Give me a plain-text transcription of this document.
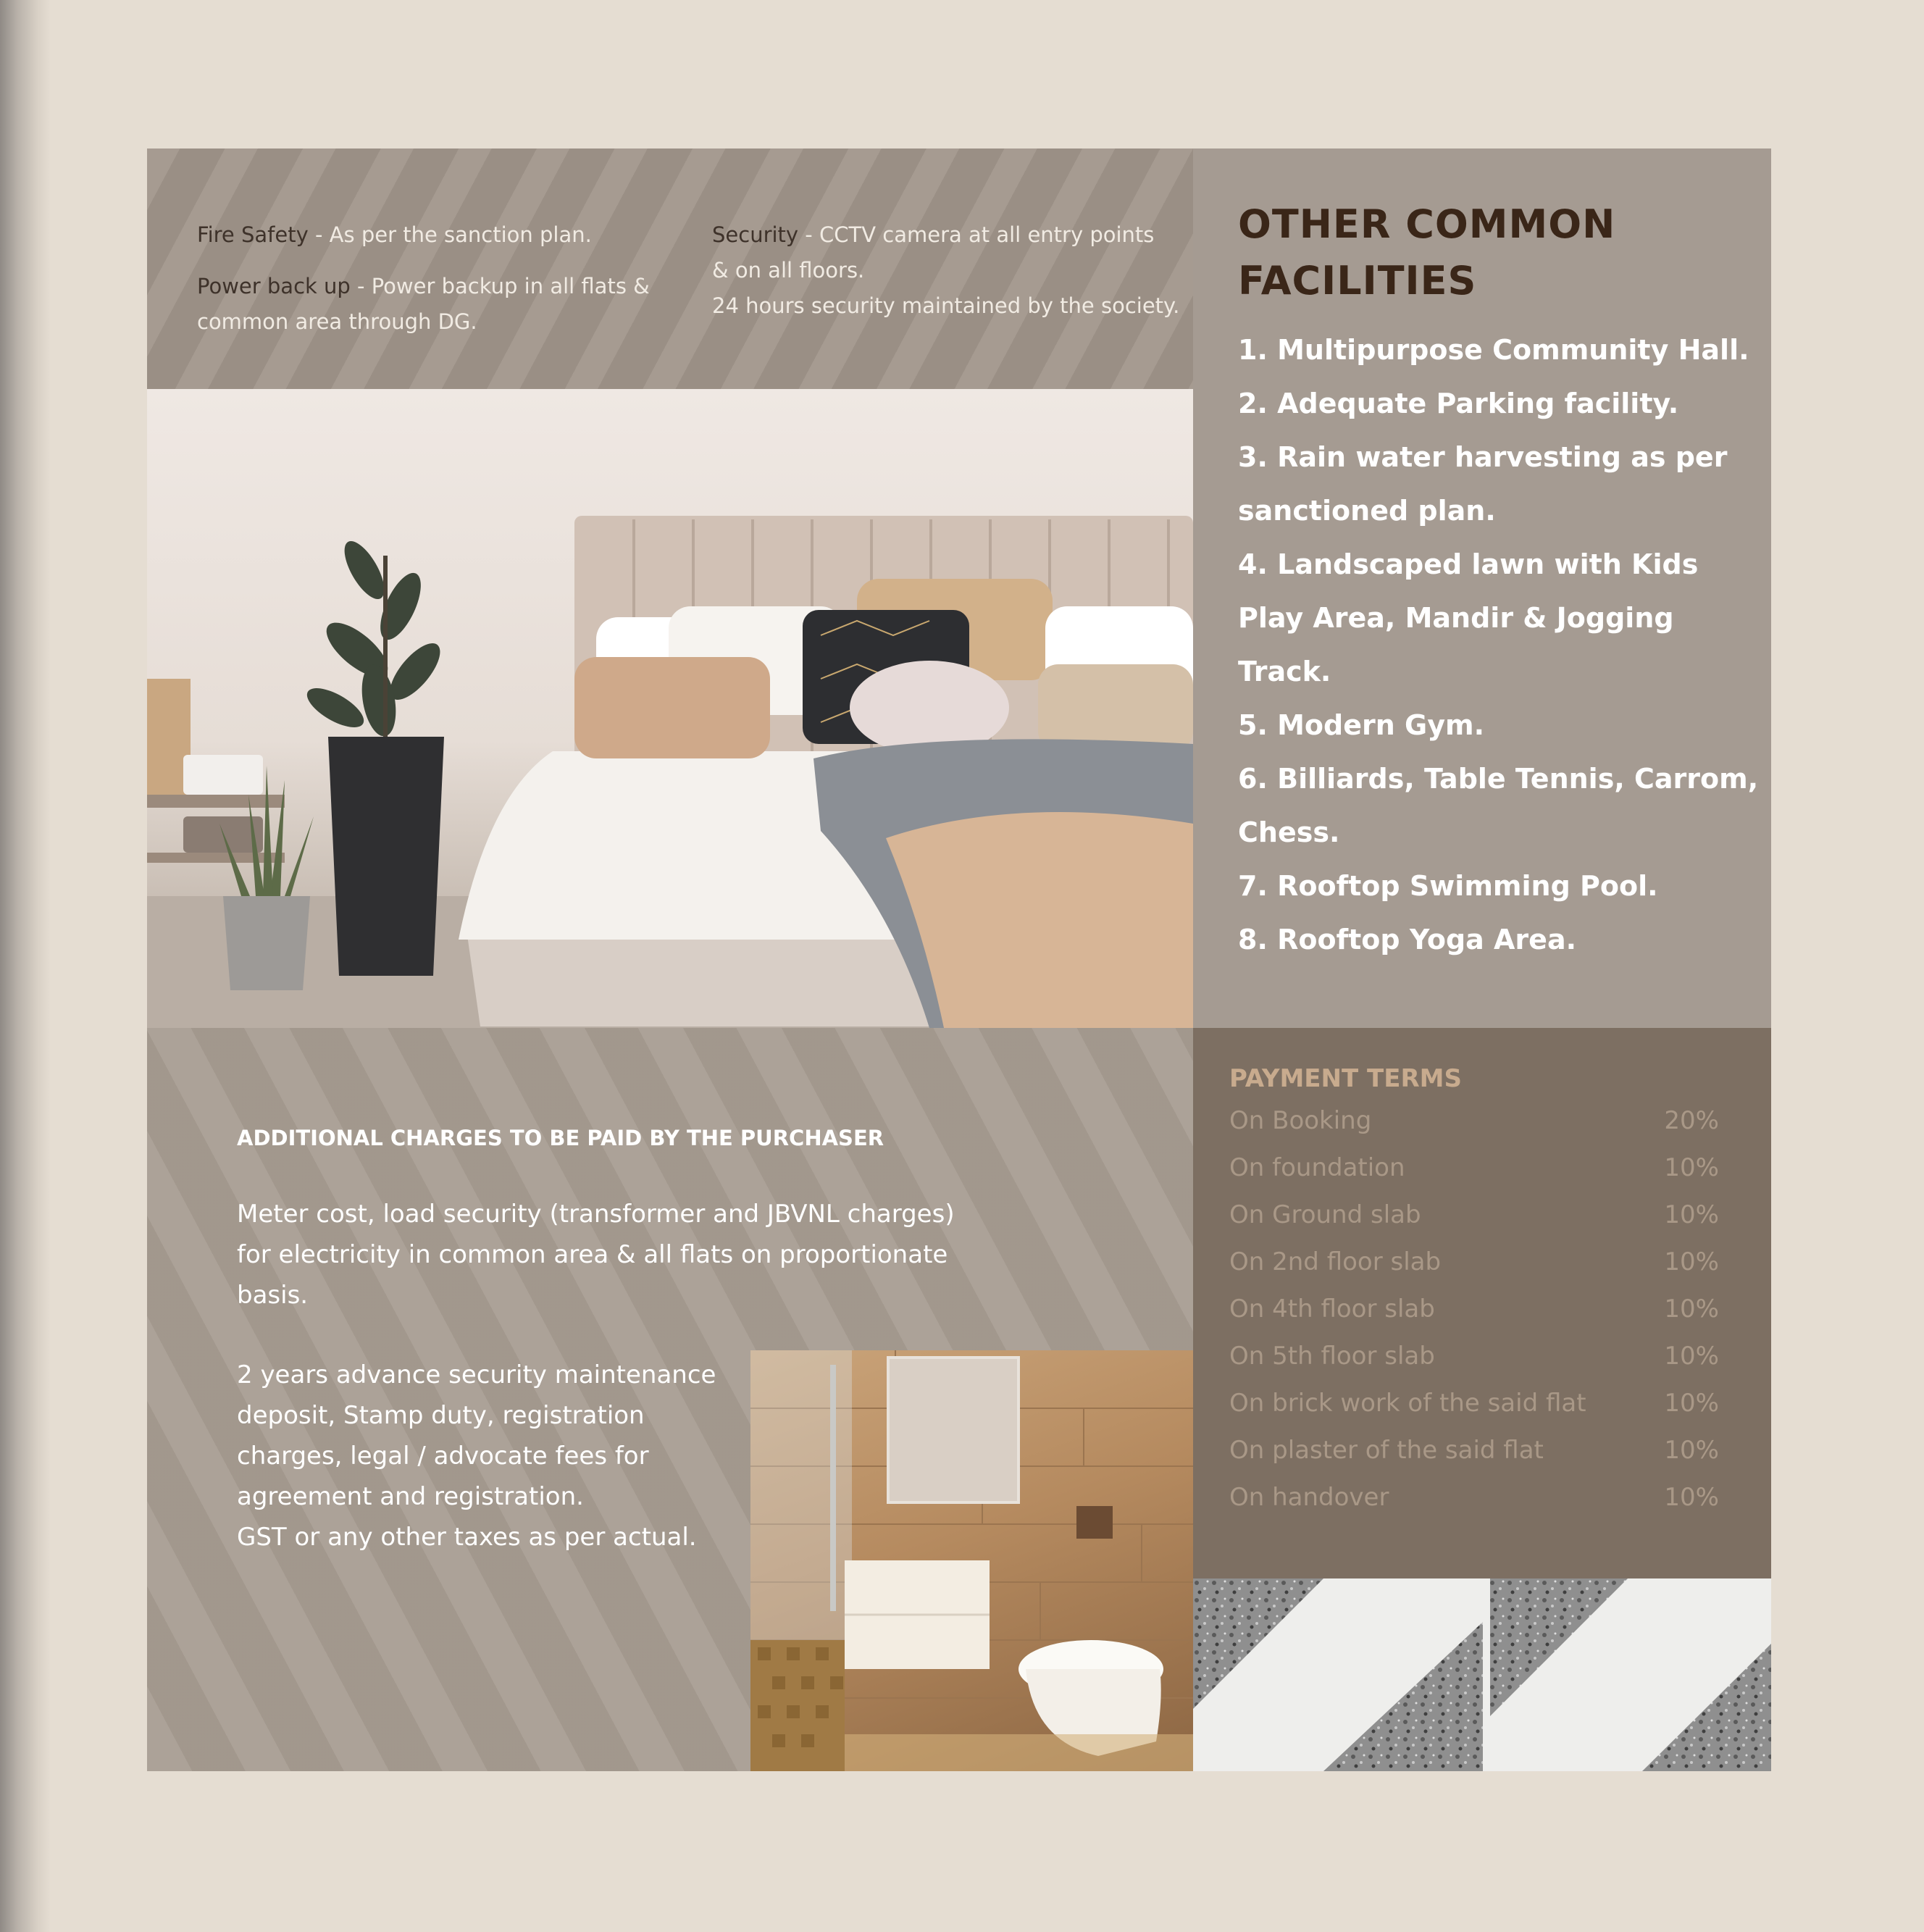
Fire Safety - As per the sanction plan.
Power back up - Power backup in all flats &
common area through DG.
Security - CCTV camera at all entry points
& on all floors.
24 hours security maintained by the society.
OTHER COMMON
FACILITIES
1. Multipurpose Community Hall.
2. Adequate Parking facility.
3. Rain water harvesting as per
sanctioned plan.
4. Landscaped lawn with Kids
Play Area, Mandir & Jogging
Track.
5. Modern Gym.
6. Billiards, Table Tennis, Carrom,
Chess.
7. Rooftop Swimming Pool.
8. Rooftop Yoga Area.
ADDITIONAL CHARGES TO BE PAID BY THE PURCHASER
Meter cost, load security (transformer and JBVNL charges)
for electricity in common area & all flats on proportionate
basis.
2 years advance security maintenance
deposit, Stamp duty, registration
charges, legal / advocate fees for
agreement and registration.
GST or any other taxes as per actual.
PAYMENT TERMS
On Booking	20%
On foundation	10%
On Ground slab	10%
On 2nd floor slab	10%
On 4th floor slab	10%
On 5th floor slab	10%
On brick work of the said flat	10%
On plaster of the said flat	10%
On handover	10%
